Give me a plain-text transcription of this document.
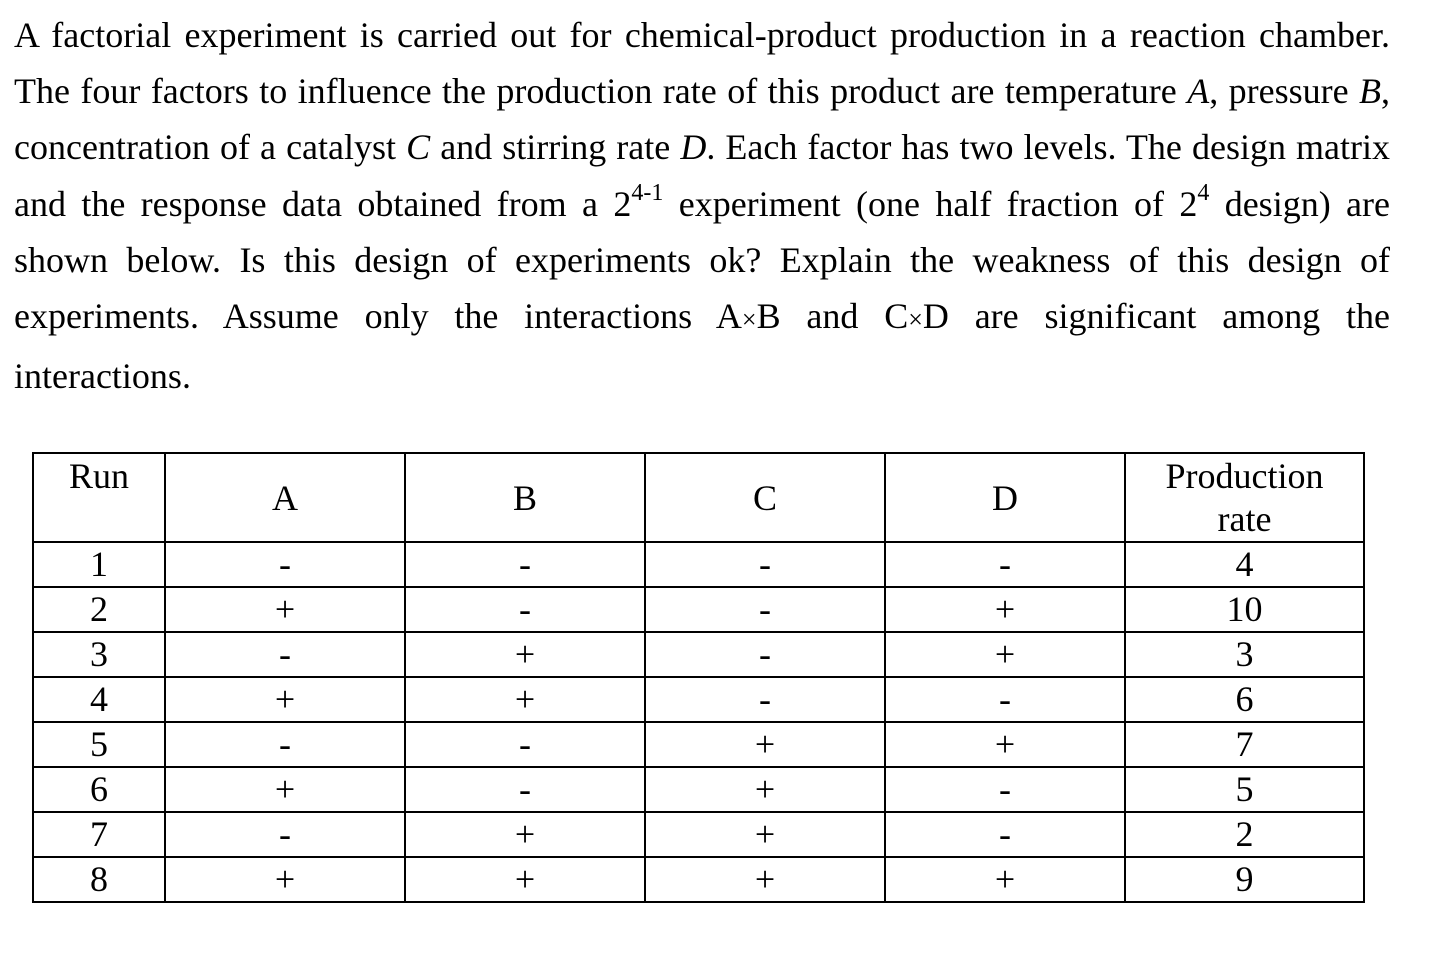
A factorial experiment is carried out for chemical-product production in a reaction chamber. The four factors to influence the production rate of this product are temperature A, pressure B, concentration of a catalyst C and stirring rate D. Each factor has two levels. The design matrix and the response data obtained from a 2$^{4-1}$ experiment (one half fraction of $2^4$ design) are shown below. Is this design of experiments ok? Explain the weakness of this design of experiments. Assume only the interactions A×B and C×D are significant among the interactions.

Run	A	B	C	D	Production
rate
1	-	-	-	-	4
2	+	-	-	+	10
3	-	+	-	+	3
4	+	+	-	-	6
5	-	-	+	+	7
6	+	-	+	-	5
7	-	+	+	-	2
8	+	+	+	+	9
